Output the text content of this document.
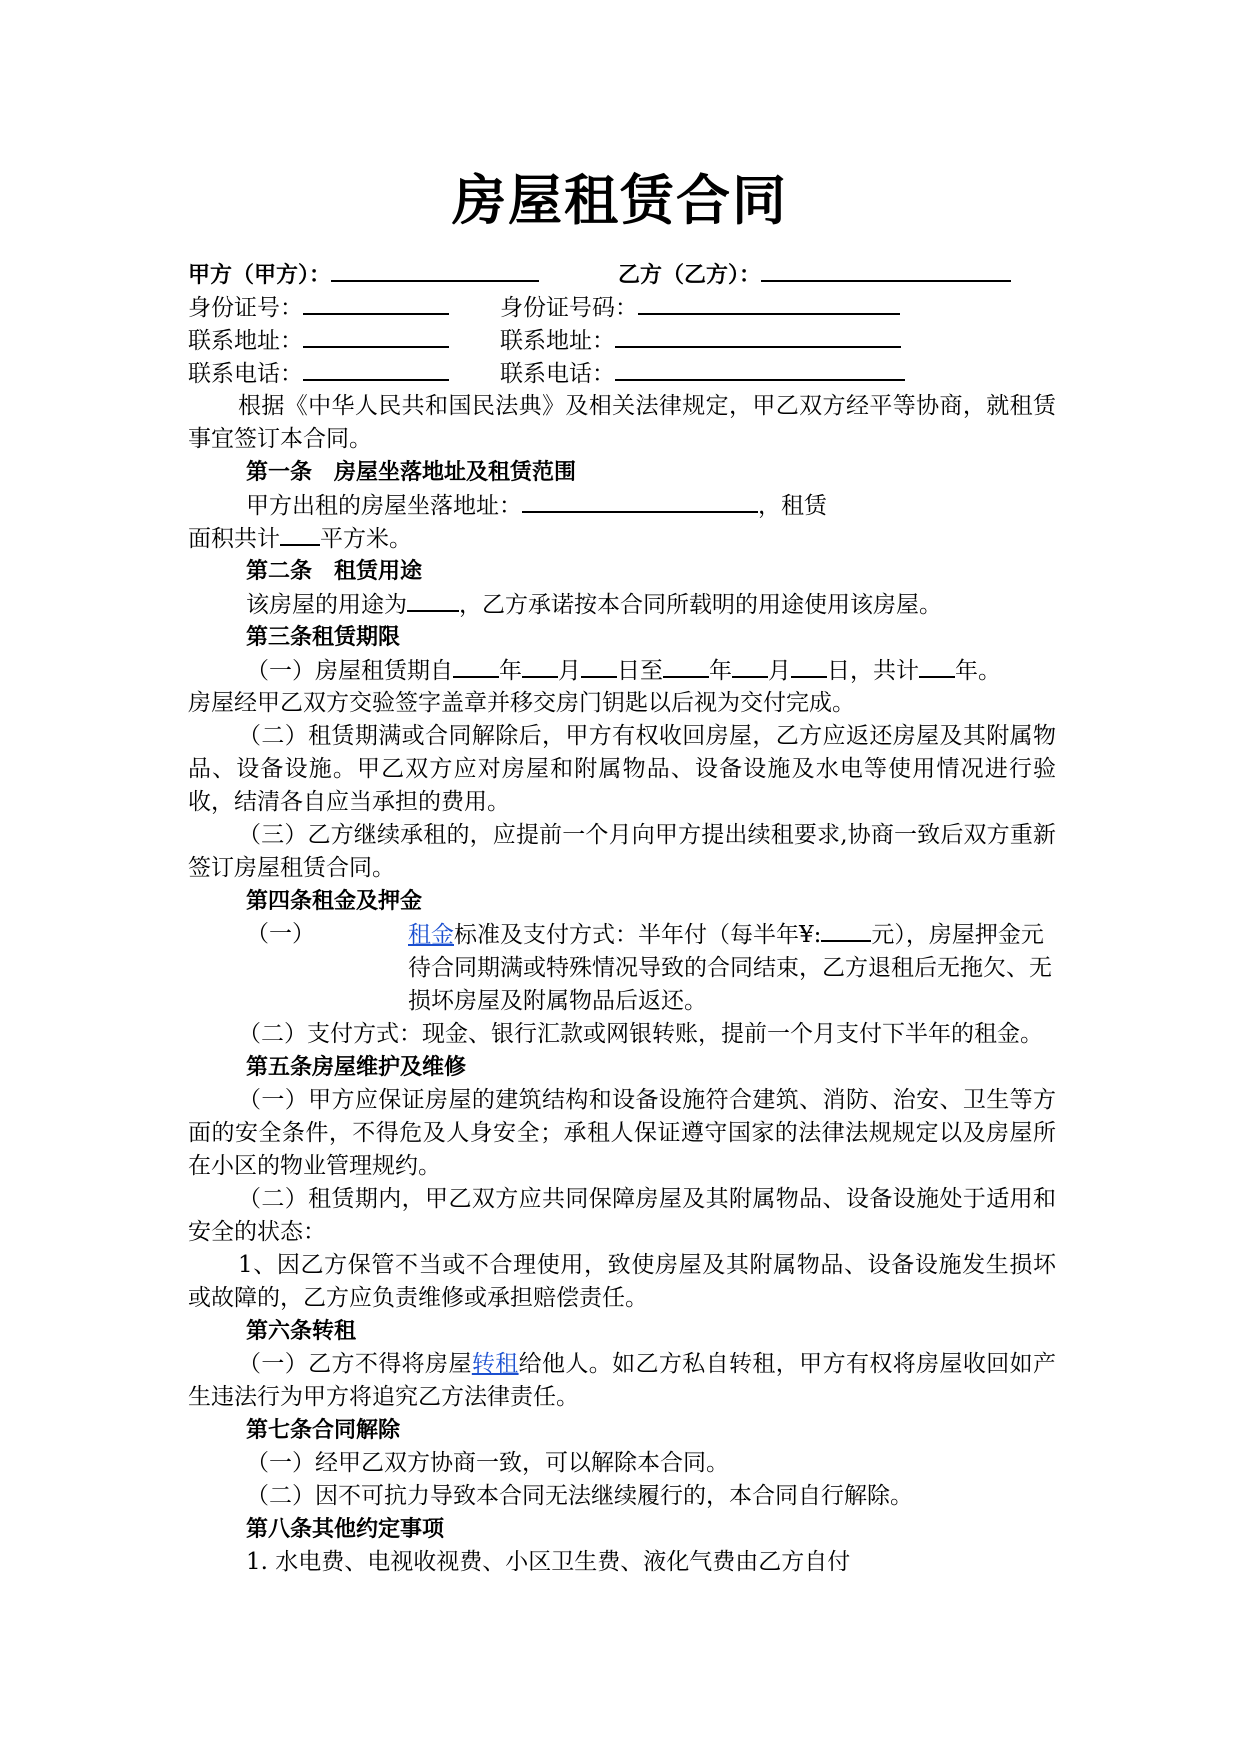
房屋租赁合同
甲方（甲方）：	乙方（乙方）：
身份证号：	身份证号码：
联系地址：	联系地址：
联系电话：	联系电话：
根据《中华人民共和国民法典》及相关法律规定，甲乙双方经平等协商，就租赁事宜签订本合同。
第一条　房屋坐落地址及租赁范围
甲方出租的房屋坐落地址：	，租赁
面积共计 平方米。
第二条　租赁用途
该房屋的用途为 ，乙方承诺按本合同所载明的用途使用该房屋。
第三条租赁期限
（一）房屋租赁期自 年 月 日至 年 月 日，共计 年。
房屋经甲乙双方交验签字盖章并移交房门钥匙以后视为交付完成。
（二）租赁期满或合同解除后，甲方有权收回房屋，乙方应返还房屋及其附属物品、设备设施。甲乙双方应对房屋和附属物品、设备设施及水电等使用情况进行验收，结清各自应当承担的费用。
（三）乙方继续承租的，应提前一个月向甲方提出续租要求,协商一致后双方重新签订房屋租赁合同。
第四条租金及押金
（一）	租金标准及支付方式：半年付（每半年¥: 元），房屋押金元待合同期满或特殊情况导致的合同结束，乙方退租后无拖欠、无损坏房屋及附属物品后返还。
（二）支付方式：现金、银行汇款或网银转账，提前一个月支付下半年的租金。
第五条房屋维护及维修
（一）甲方应保证房屋的建筑结构和设备设施符合建筑、消防、治安、卫生等方面的安全条件，不得危及人身安全；承租人保证遵守国家的法律法规规定以及房屋所在小区的物业管理规约。
（二）租赁期内，甲乙双方应共同保障房屋及其附属物品、设备设施处于适用和安全的状态：
1、因乙方保管不当或不合理使用，致使房屋及其附属物品、设备设施发生损坏或故障的，乙方应负责维修或承担赔偿责任。
第六条转租
（一）乙方不得将房屋转租给他人。如乙方私自转租，甲方有权将房屋收回如产生违法行为甲方将追究乙方法律责任。
第七条合同解除
（一）经甲乙双方协商一致，可以解除本合同。
（二）因不可抗力导致本合同无法继续履行的，本合同自行解除。
第八条其他约定事项
1. 水电费、电视收视费、小区卫生费、液化气费由乙方自付
